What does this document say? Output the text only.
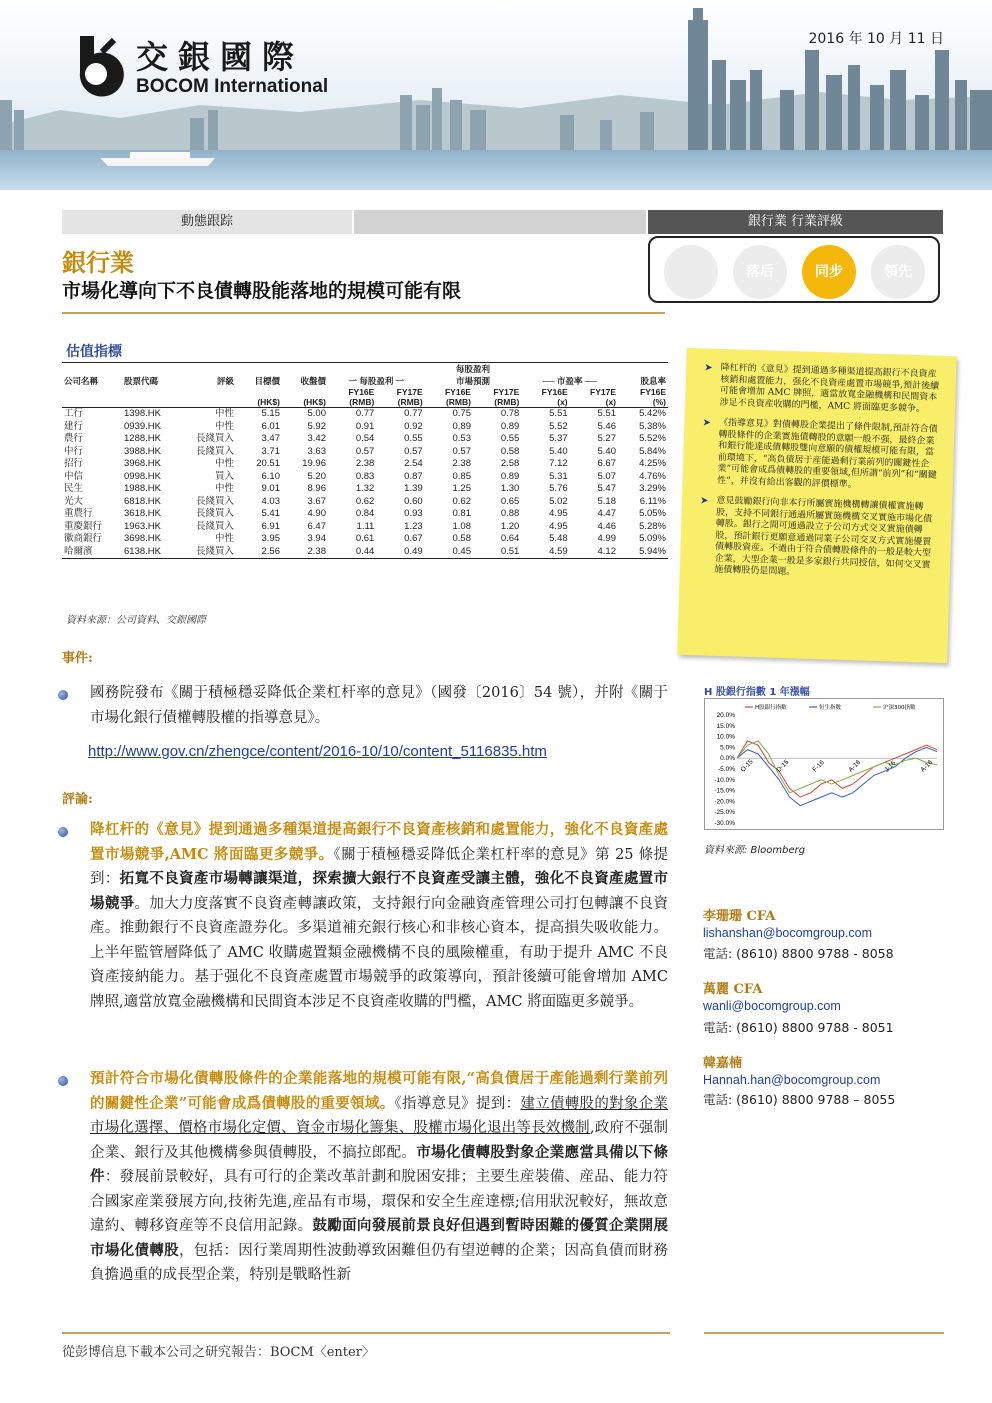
交銀國際
BOCOM International
2016 年 10 月 11 日
動態跟踪	銀行業 行業評級
落后	同步	領先
銀行業
市場化導向下不良債轉股能落地的規模可能有限
估值指標
公司名稱	股票代碼	評級	目標價	收盤價	一 每股盈利 一		每股盈利
市場預測		── 市盈率 ──		股息率
					FY16E	FY17E	FY16E	FY17E	FY16E	FY17E	FY16E
			(HK$)	(HK$)	(RMB)	(RMB)	(RMB)	(RMB)	(x)	(x)	(%)
工行	1398.HK	中性	5.15	5.00	0.77	0.77	0.75	0.78	5.51	5.51	5.42%
建行	0939.HK	中性	6.01	5.92	0.91	0.92	0.89	0.89	5.52	5.46	5.38%
農行	1288.HK	長綫買入	3.47	3.42	0.54	0.55	0.53	0.55	5.37	5.27	5.52%
中行	3988.HK	長綫買入	3.71	3.63	0.57	0.57	0.57	0.58	5.40	5.40	5.84%
招行	3968.HK	中性	20.51	19.96	2.38	2.54	2.38	2.58	7.12	6.67	4.25%
中信	0998.HK	買入	6.10	5.20	0.83	0.87	0.85	0.89	5.31	5.07	4.76%
民生	1988.HK	中性	9.01	8.96	1.32	1.39	1.25	1.30	5.76	5.47	3.29%
光大	6818.HK	長綫買入	4.03	3.67	0.62	0.60	0.62	0.65	5.02	5.18	6.11%
重農行	3618.HK	長綫買入	5.41	4.90	0.84	0.93	0.81	0.88	4.95	4.47	5.05%
重慶銀行	1963.HK	長綫買入	6.91	6.47	1.11	1.23	1.08	1.20	4.95	4.46	5.28%
徽商銀行	3698.HK	中性	3.95	3.94	0.61	0.67	0.58	0.64	5.48	4.99	5.09%
哈爾濱	6138.HK	長綫買入	2.56	2.38	0.44	0.49	0.45	0.51	4.59	4.12	5.94%
資料來源：公司資料、交銀國際
事件:
國務院發布《關于積極穩妥降低企業杠杆率的意見》（國發〔2016〕54 號），并附《關于市場化銀行債權轉股權的指導意見》。
http://www.gov.cn/zhengce/content/2016-10/10/content_5116835.htm
評論:
降杠杆的《意見》提到通過多種渠道提高銀行不良資產核銷和處置能力，強化不良資產處置市場競爭,AMC 將面臨更多競爭。《關于積極穩妥降低企業杠杆率的意見》第 25 條提到：拓寬不良資產市場轉讓渠道，探索擴大銀行不良資產受讓主體，強化不良資產處置市場競爭。加大力度落實不良資產轉讓政策，支持銀行向金融資產管理公司打包轉讓不良資產。推動銀行不良資產證券化。多渠道補充銀行核心和非核心資本，提高損失吸收能力。上半年監管層降低了 AMC 收購處置類金融機構不良的風險權重，有助于提升 AMC 不良資產接納能力。基于强化不良資產處置市場競爭的政策導向，預計後續可能會增加 AMC 牌照,適當放寬金融機構和民間資本涉足不良資產收購的門檻，AMC 將面臨更多競爭。
預計符合市場化債轉股條件的企業能落地的規模可能有限,“高負債居于產能過剩行業前列的關鍵性企業”可能會成爲債轉股的重要領域。《指導意見》提到：建立債轉股的對象企業市場化選擇、價格市場化定價、資金市場化籌集、股權市場化退出等長效機制,政府不强制企業、銀行及其他機構參與債轉股，不搞拉郎配。市場化債轉股對象企業應當具備以下條件：發展前景較好，具有可行的企業改革計劃和脫困安排；主要生産裝備、産品、能力符合國家産業發展方向,技術先進,産品有市場，環保和安全生産達標;信用狀況較好，無故意違約、轉移資産等不良信用記錄。鼓勵面向發展前景良好但遇到暫時困難的優質企業開展市場化債轉股，包括：因行業周期性波動導致困難但仍有望逆轉的企業；因高負債而財務負擔過重的成長型企業，特别是戰略性新
➤ 降杠杆的《意見》提到通過多種渠道提高銀行不良資産核銷和處置能力，强化不良資産處置市場競爭,預計後續可能會增加 AMC 牌照，適當放寬金融機構和民間資本涉足不良資産收購的門檻，AMC 將面臨更多競争。
➤ 《指導意見》對債轉股企業提出了條件限制,預計符合債轉股條件的企業實施債轉股的意願一般不强，最終企業和銀行能達成債轉股雙向意願的債權規模可能有限，當前環境下，“高負債居于産能過剩行業前列的關鍵性企業”可能會成爲債轉股的重要領域,但所謂“前列”和“關鍵性”，并沒有給出客觀的評價標準。
➤ 意見鼓勵銀行向非本行所屬實施機構轉讓債權實施轉股，支持不同銀行通過所屬實施機構交叉實施市場化債轉股。銀行之間可通過設立子公司方式交叉實施債轉股，預計銀行更願意通過同業子公司交叉方式實施優質債轉股資産。不過由于符合債轉股條件的一般是較大型企業，大型企業一般是多家銀行共同授信，如何交叉實施債轉股仍是問題。
H 股銀行指數 1 年漲幅
20.0%
15.0%
10.0%
5.0%
0.0%
-5.0%
-10.0%
-15.0%
-20.0%
-25.0%
-30.0%
H股銀行指數	恒生指數	沪深300指數
O-15	D-15	F-16	A-16	J-16	A-16
資料來源: Bloomberg
李珊珊 CFA
lishanshan@bocomgroup.com
電話: (8610) 8800 9788 - 8058
萬麗 CFA
wanli@bocomgroup.com
電話: (8610) 8800 9788 - 8051
韓嘉楠
Hannah.han@bocomgroup.com
電話: (8610) 8800 9788 – 8055
從彭博信息下載本公司之研究報告：BOCM〈enter〉
